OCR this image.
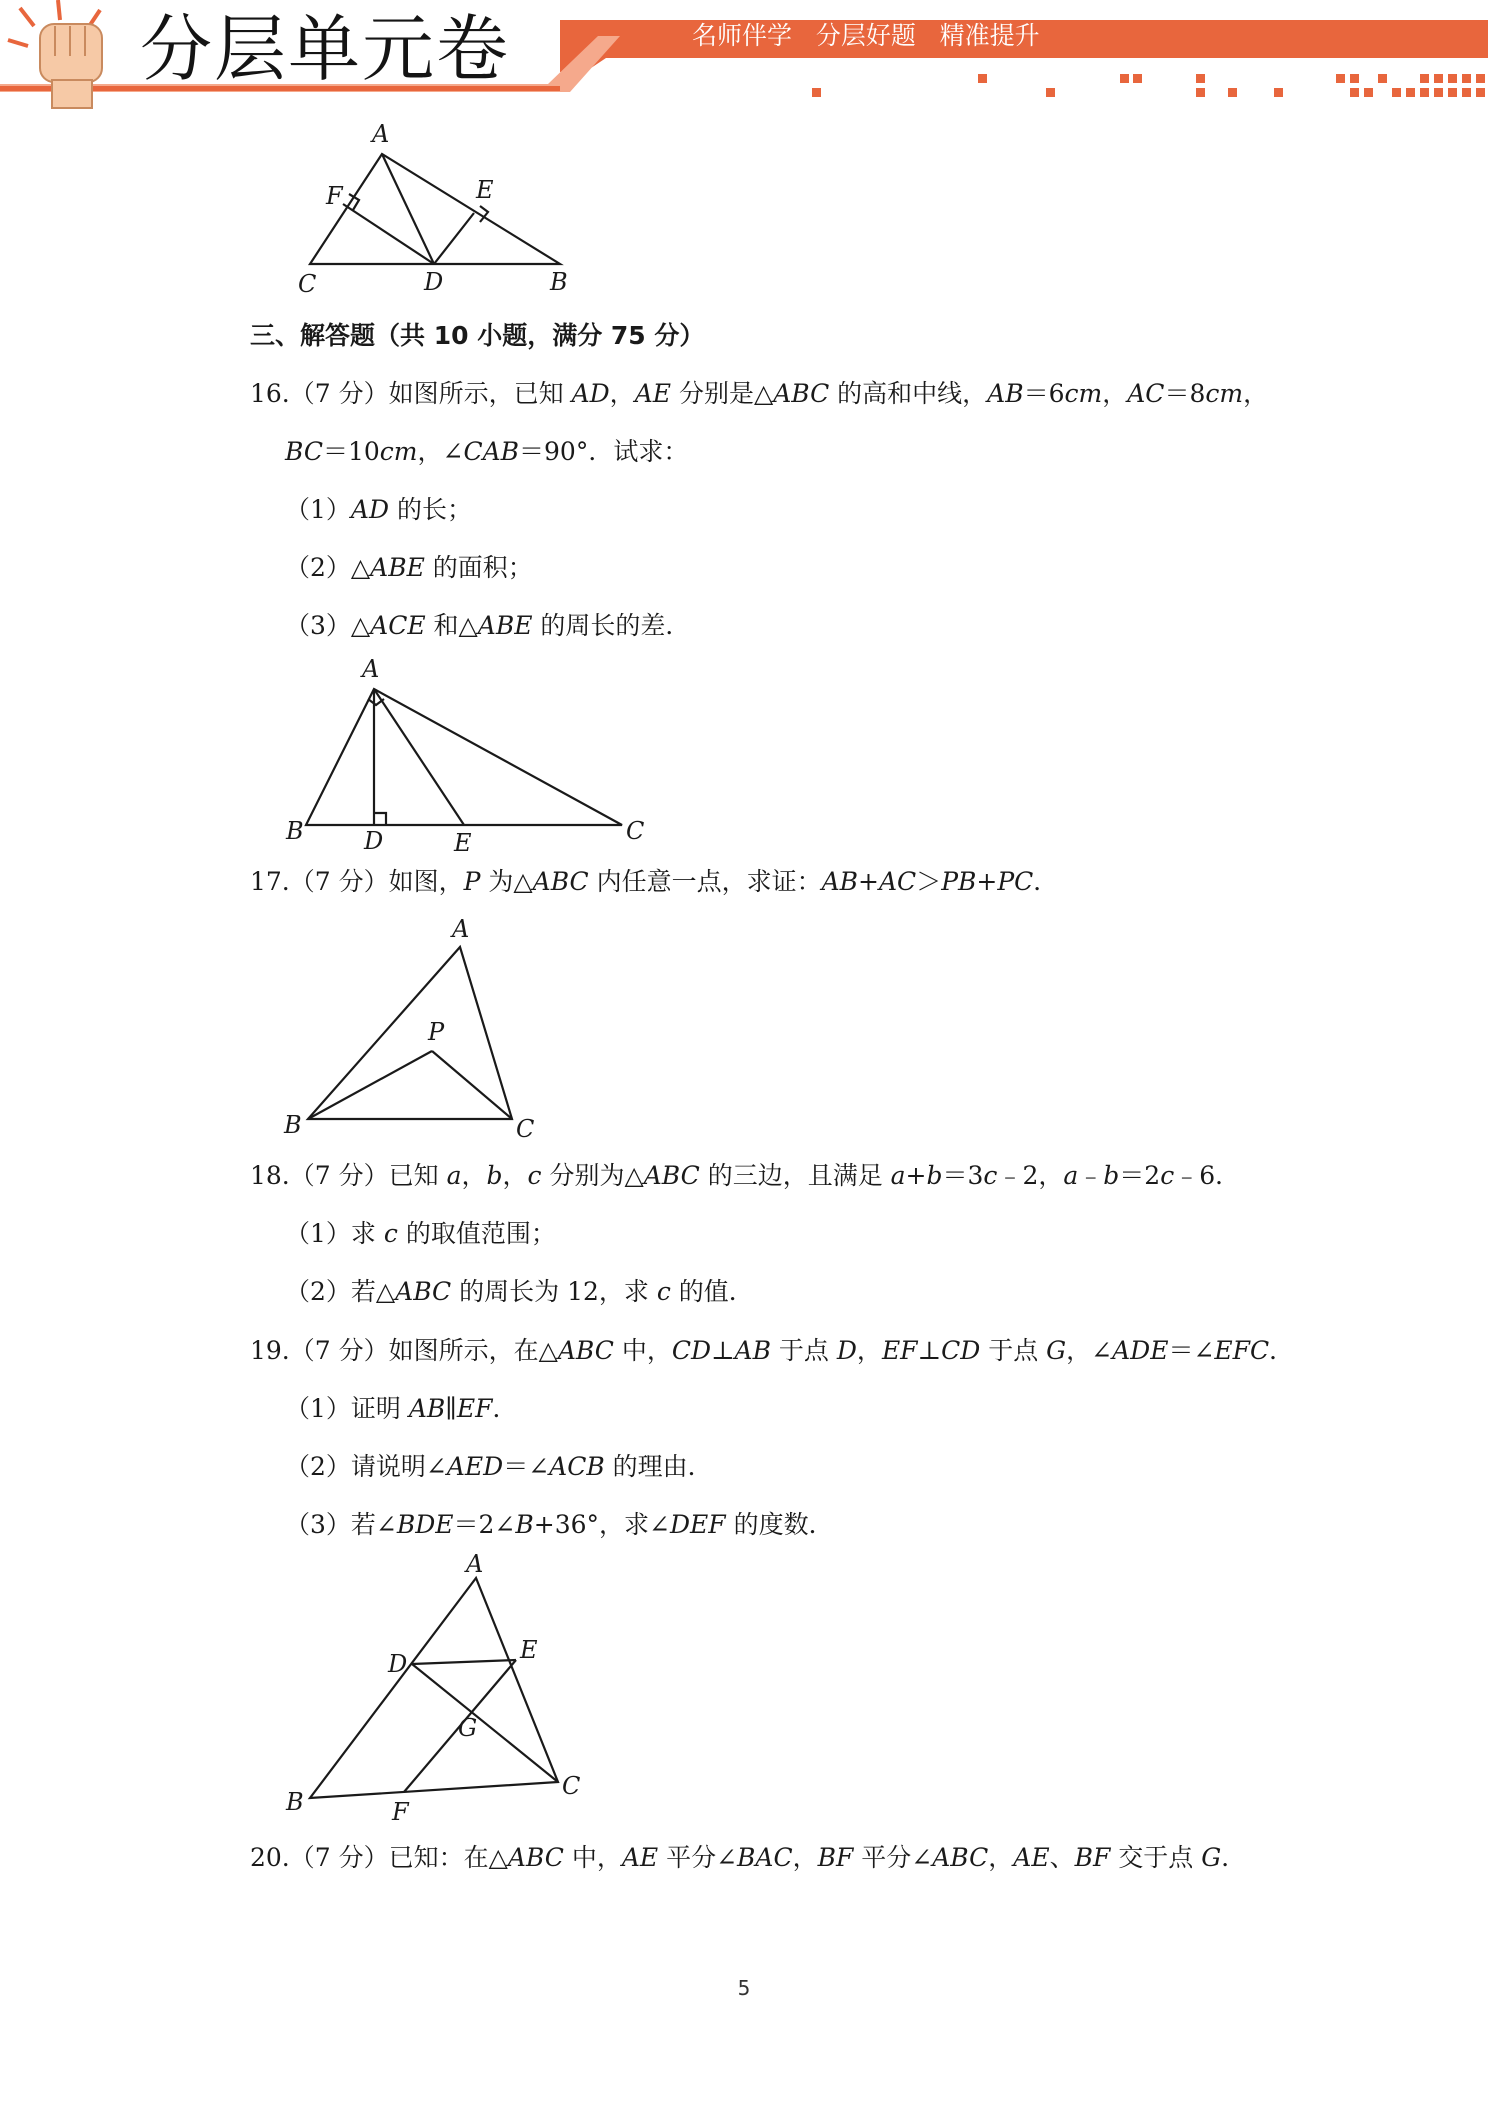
分层单元卷	名师伴学   分层好题   精准提升
A
F	E
C	D	B
三、解答题（共 10 小题，满分 75 分）
16.（7 分）如图所示，已知 AD，AE 分别是△ABC 的高和中线，AB＝6cm，AC＝8cm，
BC＝10cm，∠CAB＝90°．试求：
（1）AD 的长；
（2）△ABE 的面积；
（3）△ACE 和△ABE 的周长的差．
A
B	D	E	C
17.（7 分）如图，P 为△ABC 内任意一点，求证：AB+AC＞PB+PC．
A
P
B	C
18.（7 分）已知 a，b，c 分别为△ABC 的三边，且满足 a+b＝3c﹣2，a﹣b＝2c﹣6．
（1）求 c 的取值范围；
（2）若△ABC 的周长为 12，求 c 的值．
19.（7 分）如图所示，在△ABC 中，CD⊥AB 于点 D，EF⊥CD 于点 G，∠ADE＝∠EFC．
（1）证明 AB∥EF．
（2）请说明∠AED＝∠ACB 的理由．
（3）若∠BDE＝2∠B+36°，求∠DEF 的度数．
A
D	E
G
B	F
C
20.（7 分）已知：在△ABC 中，AE 平分∠BAC，BF 平分∠ABC，AE、BF 交于点 G．
5
